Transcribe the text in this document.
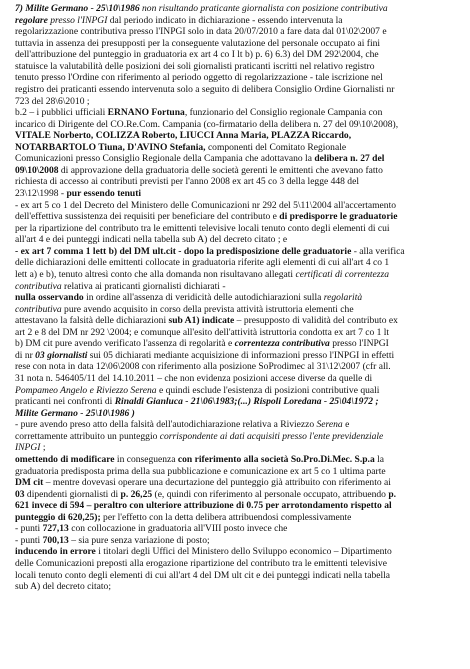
7) Milite Germano - 25\10\1986 non risultando praticante giornalista con posizione contributiva
regolare presso l'INPGI dal periodo indicato in dichiarazione - essendo intervenuta la
regolarizzazione contributiva presso l'INPGI solo in data 20/07/2010 a fare data dal 01\02\2007 e
tuttavia in assenza dei presupposti per la conseguente valutazione del personale occupato ai fini
dell'attribuzione del punteggio in graduatoria ex art 4 co I lt b) p. 6) 6.3) del DM 292\2004, che
statuisce la valutabilità delle posizioni dei soli giornalisti praticanti iscritti nel relativo registro
tenuto presso l'Ordine con riferimento al periodo oggetto di regolarizzazione - tale iscrizione nel
registro dei praticanti essendo intervenuta solo a seguito di delibera Consiglio Ordine Giornalisti nr
723 del 28\6\2010 ;
b.2 – i pubblici ufficiali ERNANO Fortuna, funzionario del Consiglio regionale Campania con
incarico di Dirigente del CO.Re.Com. Campania (co-firmatario della delibera n. 27 del 09\10\2008),
VITALE Norberto, COLIZZA Roberto, LIUCCI Anna Maria, PLAZZA Riccardo,
NOTARBARTOLO Tiuna, D'AVINO Stefania, componenti del Comitato Regionale
Comunicazioni presso Consiglio Regionale della Campania che adottavano la delibera n. 27 del
09\10\2008 di approvazione della graduatoria delle società gerenti le emittenti che avevano fatto
richiesta di accesso ai contributi previsti per l'anno 2008 ex art 45 co 3 della legge 448 del
23\12\1998 - pur essendo tenuti
- ex art 5 co 1 del Decreto del Ministero delle Comunicazioni nr 292 del 5\11\2004 all'accertamento
dell'effettiva sussistenza dei requisiti per beneficiare del contributo e di predisporre le graduatorie
per la ripartizione del contributo tra le emittenti televisive locali tenuto conto degli elementi di cui
all'art 4 e dei punteggi indicati nella tabella sub A) del decreto citato ; e
- ex art 7 comma 1 lett b) del DM ult.cit - dopo la predisposizione delle graduatorie - alla verifica
delle dichiarazioni delle emittenti collocate in graduatoria riferite agli elementi di cui all'art 4 co 1
lett a) e b), tenuto altresì conto che alla domanda non risultavano allegati certificati di correntezza
contributiva relativa ai praticanti giornalisti dichiarati -
nulla osservando in ordine all'assenza di veridicità delle autodichiarazioni sulla regolarità
contributiva pure avendo acquisito in corso della prevista attività istruttoria elementi che
attestavano la falsità delle dichiarazioni sub A1) indicate – presupposto di validità del contributo ex
art 2 e 8 del DM nr 292 \2004; e comunque all'esito dell'attività istruttoria condotta ex art 7 co 1 lt
b) DM cit pure avendo verificato l'assenza di regolarità e correntezza contributiva presso l'INPGI
di nr 03 giornalisti sui 05 dichiarati mediante acquisizione di informazioni presso l'INPGI in effetti
rese con nota in data 12\06\2008 con riferimento alla posizione SoProdimec al 31\12\2007 (cfr all.
31 nota n. 546405/11 del 14.10.2011 – che non evidenza posizioni accese diverse da quelle di
Pompameo Angelo e Riviezzo Serena e quindi esclude l'esistenza di posizioni contributive quali
praticanti nei confronti di Rinaldi Gianluca - 21\06\1983;(...) Rispoli Loredana - 25\04\1972 ;
Milite Germano - 25\10\1986 )
- pure avendo preso atto della falsità dell'autodichiarazione relativa a Riviezzo Serena e
correttamente attribuito un punteggio corrispondente ai dati acquisiti presso l'ente previdenziale
INPGI ;
omettendo di modificare in conseguenza con riferimento alla società So.Pro.Di.Mec. S.p.a la
graduatoria predisposta prima della sua pubblicazione e comunicazione ex art 5 co 1 ultima parte
DM cit – mentre dovevasi operare una decurtazione del punteggio già attribuito con riferimento ai
03 dipendenti giornalisti di p. 26,25 (e, quindi con riferimento al personale occupato, attribuendo p.
621 invece di 594 – peraltro con ulteriore attribuzione di 0.75 per arrotondamento rispetto al
punteggio di 620,25); per l'effetto con la detta delibera attribuendosi complessivamente
- punti 727,13 con collocazione in graduatoria all'VIII posto invece che
- punti 700,13 – sia pure senza variazione di posto;
inducendo in errore i titolari degli Uffici del Ministero dello Sviluppo economico – Dipartimento
delle Comunicazioni preposti alla erogazione ripartizione del contributo tra le emittenti televisive
locali tenuto conto degli elementi di cui all'art 4 del DM ult cit e dei punteggi indicati nella tabella
sub A) del decreto citato;
